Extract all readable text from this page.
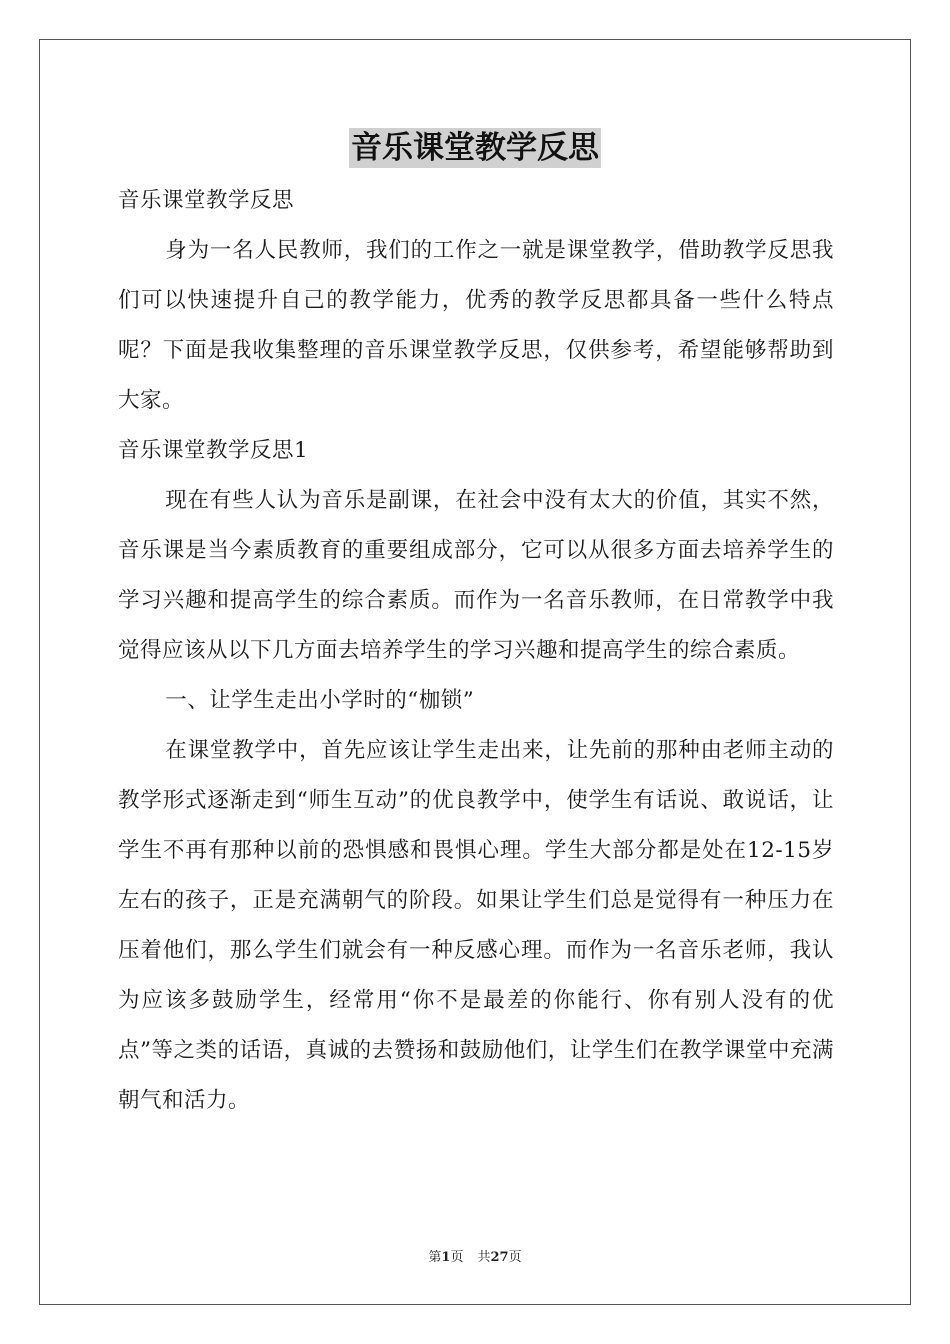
音乐课堂教学反思

音乐课堂教学反思

身为一名人民教师，我们的工作之一就是课堂教学，借助教学反思我们可以快速提升自己的教学能力，优秀的教学反思都具备一些什么特点呢？下面是我收集整理的音乐课堂教学反思，仅供参考，希望能够帮助到大家。

音乐课堂教学反思1

现在有些人认为音乐是副课，在社会中没有太大的价值，其实不然，音乐课是当今素质教育的重要组成部分，它可以从很多方面去培养学生的学习兴趣和提高学生的综合素质。而作为一名音乐教师，在日常教学中我觉得应该从以下几方面去培养学生的学习兴趣和提高学生的综合素质。

一、让学生走出小学时的“枷锁”

在课堂教学中，首先应该让学生走出来，让先前的那种由老师主动的教学形式逐渐走到“师生互动”的优良教学中，使学生有话说、敢说话，让学生不再有那种以前的恐惧感和畏惧心理。学生大部分都是处在12-15岁左右的孩子，正是充满朝气的阶段。如果让学生们总是觉得有一种压力在压着他们，那么学生们就会有一种反感心理。而作为一名音乐老师，我认为应该多鼓励学生，经常用“你不是最差的你能行、你有别人没有的优点”等之类的话语，真诚的去赞扬和鼓励他们，让学生们在教学课堂中充满朝气和活力。

第1页 共27页
